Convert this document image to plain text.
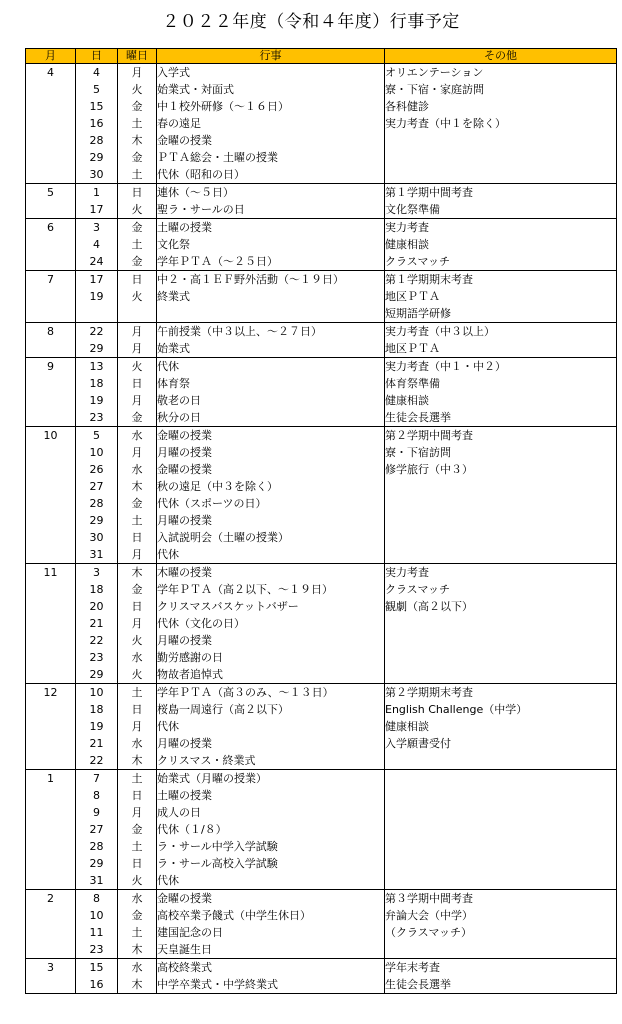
２０２２年度（令和４年度）行事予定
月	日	曜日	行事	その他
4	4	月	入学式	オリエンテーション
	5	火	始業式・対面式	寮・下宿・家庭訪問
	15	金	中１校外研修（～１６日）	各科健診
	16	土	春の遠足	実力考査（中１を除く）
	28	木	金曜の授業	
	29	金	ＰＴＡ総会・土曜の授業	
	30	土	代休（昭和の日）	
5	1	日	連休（～５日）	第１学期中間考査
	17	火	聖ラ・サールの日	文化祭準備
6	3	金	土曜の授業	実力考査
	4	土	文化祭	健康相談
	24	金	学年ＰＴＡ（～２５日）	クラスマッチ
7	17	日	中２・高１ＥＦ野外活動（～１９日）	第１学期期末考査
	19	火	終業式	地区ＰＴＡ
				短期語学研修
8	22	月	午前授業（中３以上、～２７日）	実力考査（中３以上）
	29	月	始業式	地区ＰＴＡ
9	13	火	代休	実力考査（中１・中２）
	18	日	体育祭	体育祭準備
	19	月	敬老の日	健康相談
	23	金	秋分の日	生徒会長選挙
10	5	水	金曜の授業	第２学期中間考査
	10	月	月曜の授業	寮・下宿訪問
	26	水	金曜の授業	修学旅行（中３）
	27	木	秋の遠足（中３を除く）	
	28	金	代休（スポーツの日）	
	29	土	月曜の授業	
	30	日	入試説明会（土曜の授業）	
	31	月	代休	
11	3	木	木曜の授業	実力考査
	18	金	学年ＰＴＡ（高２以下、～１９日）	クラスマッチ
	20	日	クリスマスバスケットバザー	観劇（高２以下）
	21	月	代休（文化の日）	
	22	火	月曜の授業	
	23	水	勤労感謝の日	
	29	火	物故者追悼式	
12	10	土	学年ＰＴＡ（高３のみ、～１３日）	第２学期期末考査
	18	日	桜島一周遠行（高２以下）	English Challenge（中学）
	19	月	代休	健康相談
	21	水	月曜の授業	入学願書受付
	22	木	クリスマス・終業式	
1	7	土	始業式（月曜の授業）	
	8	日	土曜の授業	
	9	月	成人の日	
	27	金	代休（１/８）	
	28	土	ラ・サール中学入学試験	
	29	日	ラ・サール高校入学試験	
	31	火	代休	
2	8	水	金曜の授業	第３学期中間考査
	10	金	高校卒業予餞式（中学生休日）	弁論大会（中学）
	11	土	建国記念の日	（クラスマッチ）
	23	木	天皇誕生日	
3	15	水	高校終業式	学年末考査
	16	木	中学卒業式・中学終業式	生徒会長選挙
